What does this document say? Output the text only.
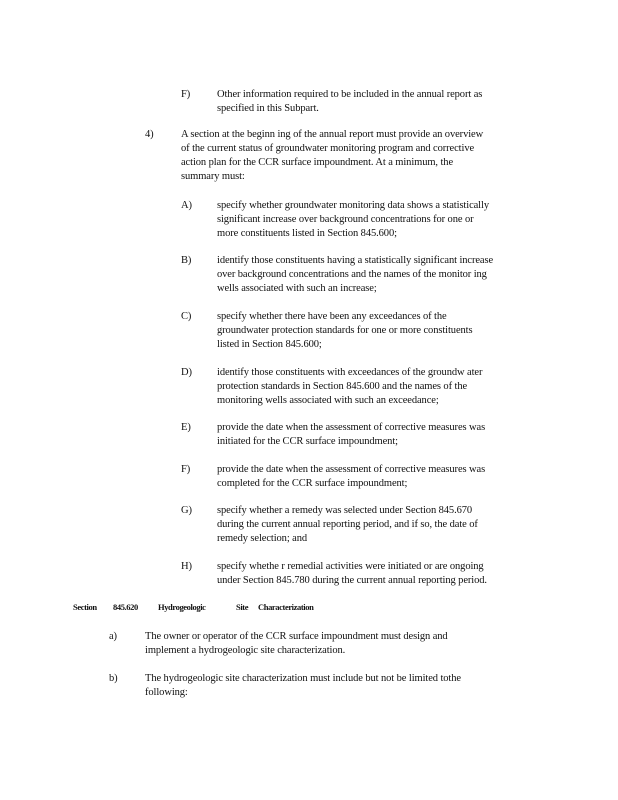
F)	Other information required to be included in the annual report as
specified in this Subpart.
4)	A section at the beginn ing of the annual report must provide an overview
of the current status of groundwater monitoring program and corrective
action plan for the CCR surface impoundment. At a minimum, the
summary must:
A) specify whether groundwater monitoring data shows a statistically
significant increase over background concentrations for one or
more constituents listed in Section 845.600;
B) identify those constituents having a statistically significant increase
over background concentrations and the names of the monitor ing
wells associated with such an increase;
C) specify whether there have been any exceedances of the
groundwater protection standards for one or more constituents
listed in Section 845.600;
D) identify those constituents with exceedances of the groundw ater
protection standards in Section 845.600 and the names of the
monitoring wells associated with such an exceedance;
E)	provide the date when the assessment of corrective measures was
initiated for the CCR surface impoundment;
F)	provide the date when the assessment of corrective measures was
completed for the CCR surface impoundment;
G) specify whether a remedy was selected under Section 845.670
during the current annual reporting period, and if so, the date of
remedy selection; and
H) specify whethe r remedial activities were initiated or are ongoing
under Section 845.780 during the current annual reporting period.
Section 845.620 Hydrogeologic	Site Characterization
a)	The owner or operator of the CCR surface impoundment must design and
implement a hydrogeologic site characterization.
b)	The hydrogeologic site characterization must include but not be limited tothe
following:
